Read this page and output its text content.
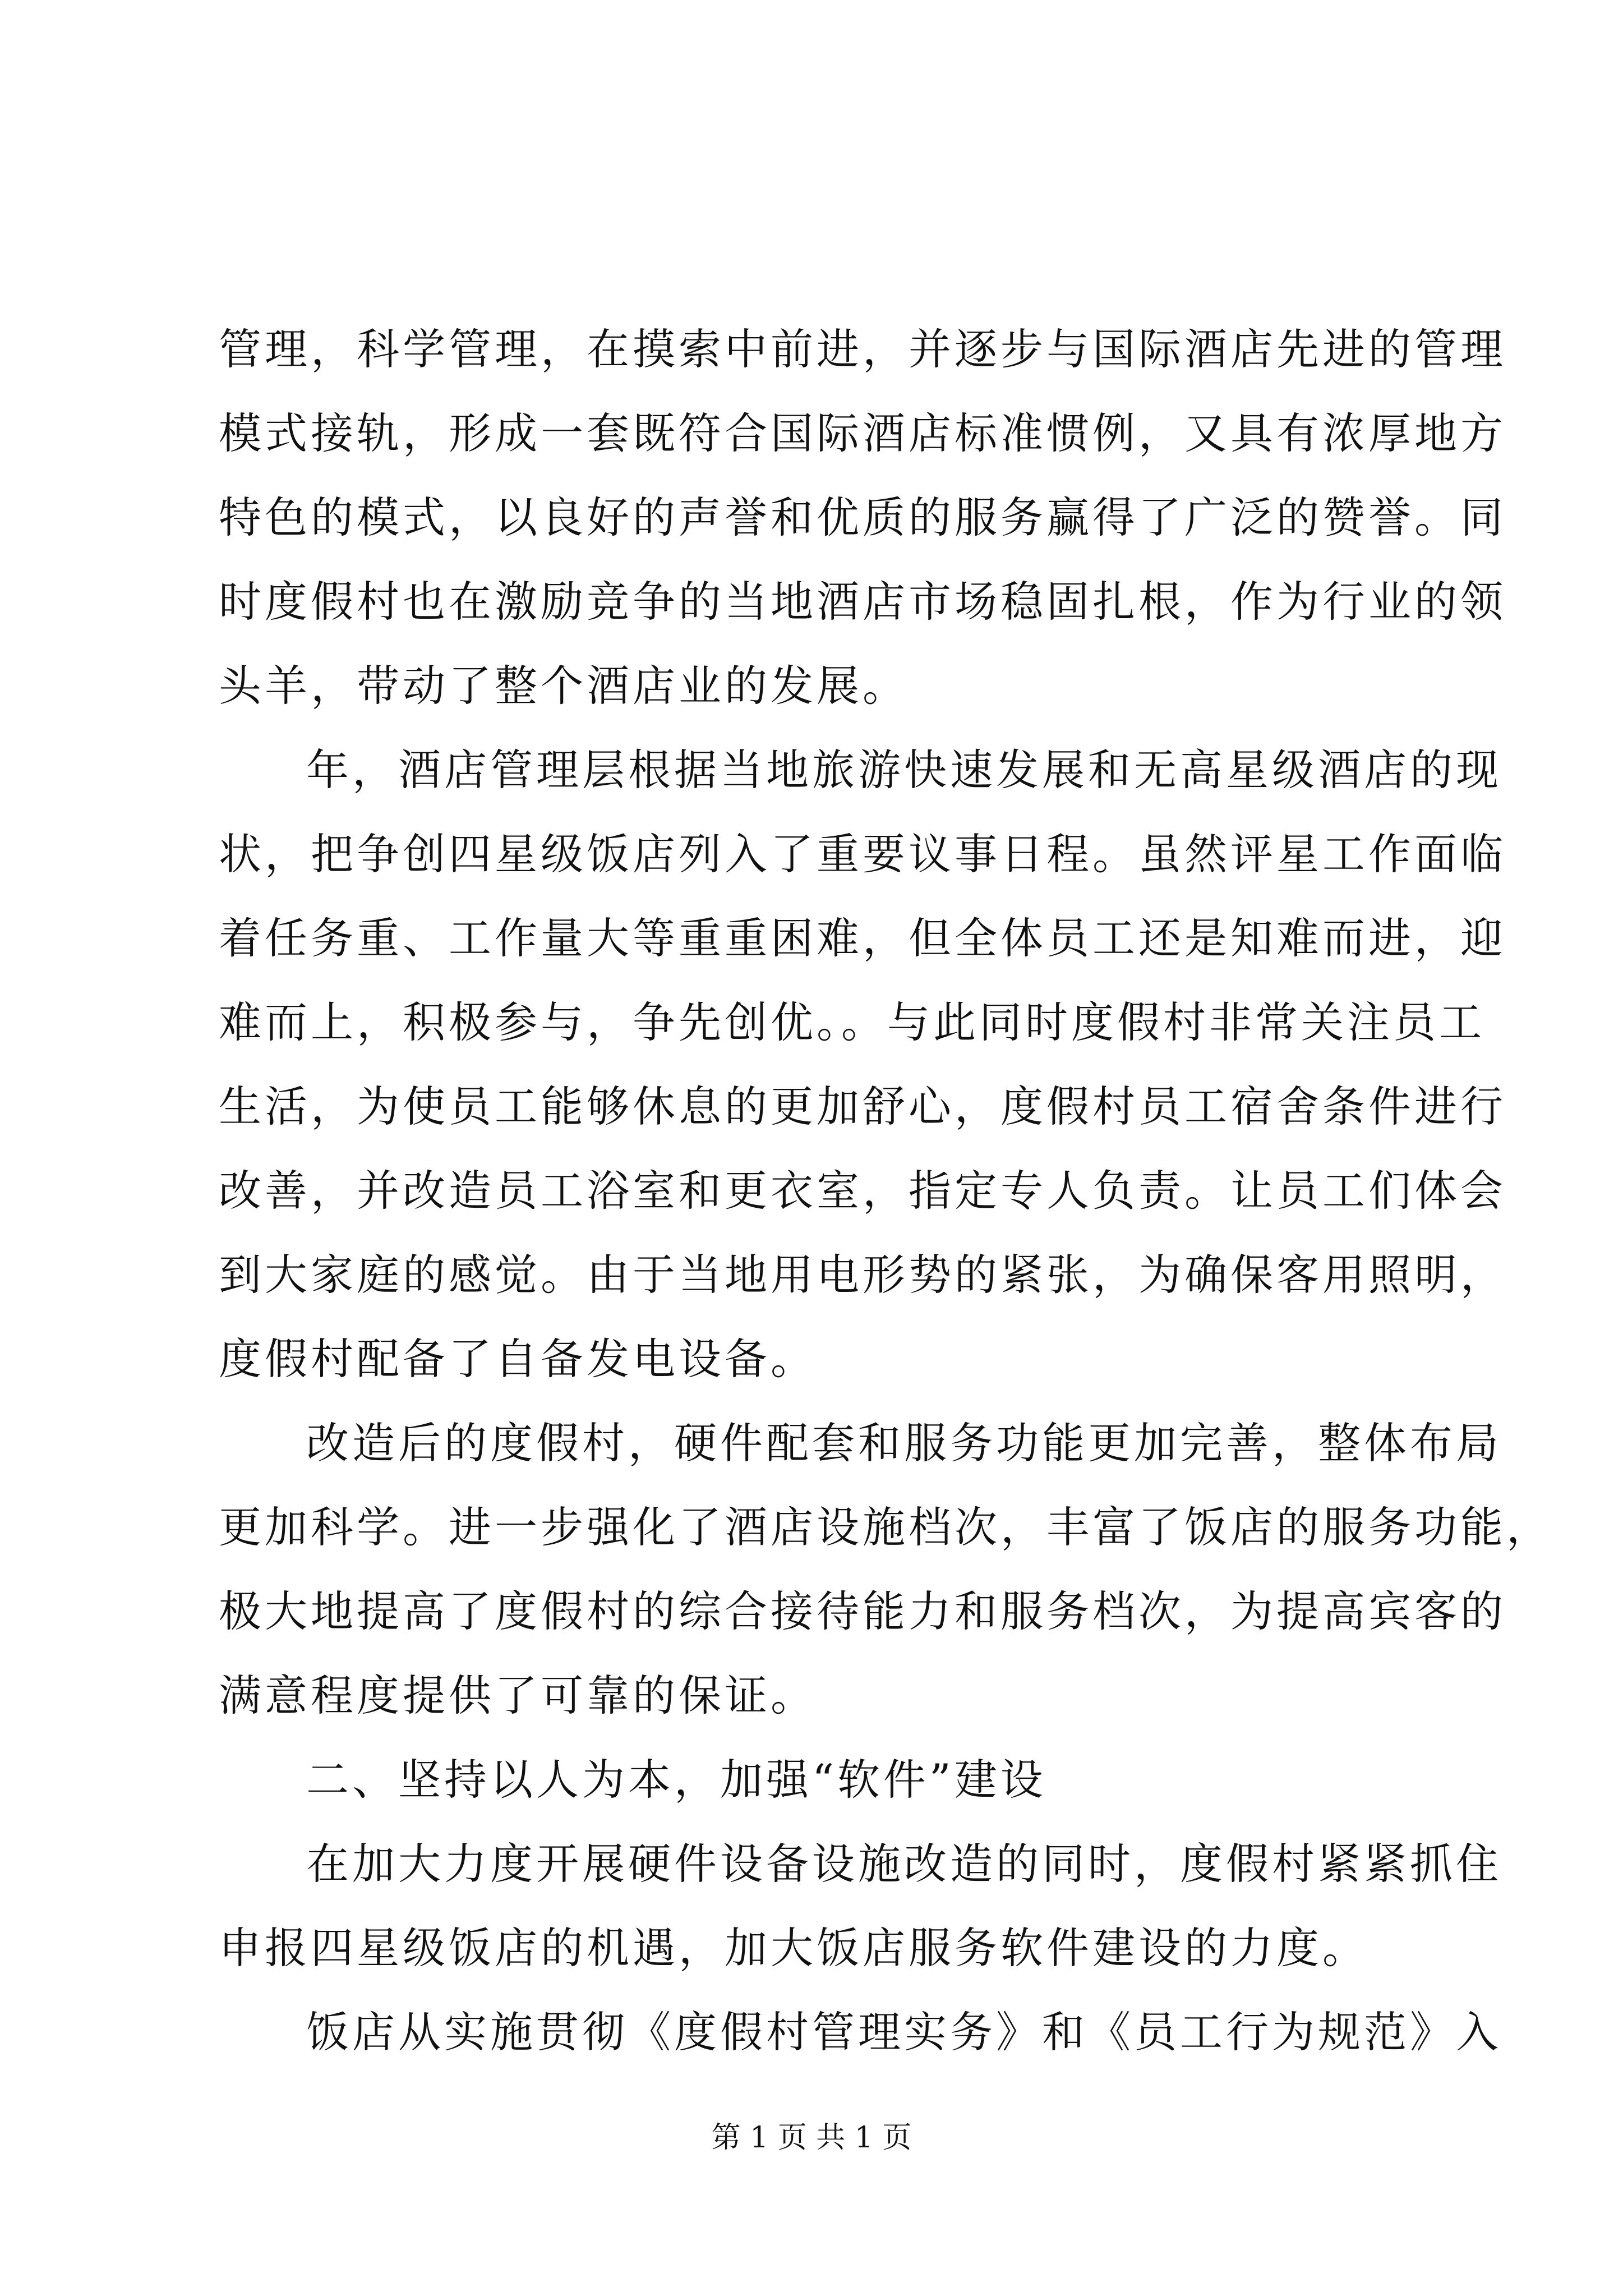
管理，科学管理，在摸索中前进，并逐步与国际酒店先进的管理
模式接轨，形成一套既符合国际酒店标准惯例，又具有浓厚地方
特色的模式，以良好的声誉和优质的服务赢得了广泛的赞誉。同
时度假村也在激励竞争的当地酒店市场稳固扎根，作为行业的领
头羊，带动了整个酒店业的发展。
年，酒店管理层根据当地旅游快速发展和无高星级酒店的现
状，把争创四星级饭店列入了重要议事日程。虽然评星工作面临
着任务重、工作量大等重重困难，但全体员工还是知难而进，迎
难而上，积极参与，争先创优。。与此同时度假村非常关注员工
生活，为使员工能够休息的更加舒心，度假村员工宿舍条件进行
改善，并改造员工浴室和更衣室，指定专人负责。让员工们体会
到大家庭的感觉。由于当地用电形势的紧张，为确保客用照明，
度假村配备了自备发电设备。
改造后的度假村，硬件配套和服务功能更加完善，整体布局
更加科学。进一步强化了酒店设施档次，丰富了饭店的服务功能，
极大地提高了度假村的综合接待能力和服务档次，为提高宾客的
满意程度提供了可靠的保证。
二、坚持以人为本，加强“软件”建设
在加大力度开展硬件设备设施改造的同时，度假村紧紧抓住
申报四星级饭店的机遇，加大饭店服务软件建设的力度。
饭店从实施贯彻《度假村管理实务》和《员工行为规范》入
第 1 页 共 1 页
